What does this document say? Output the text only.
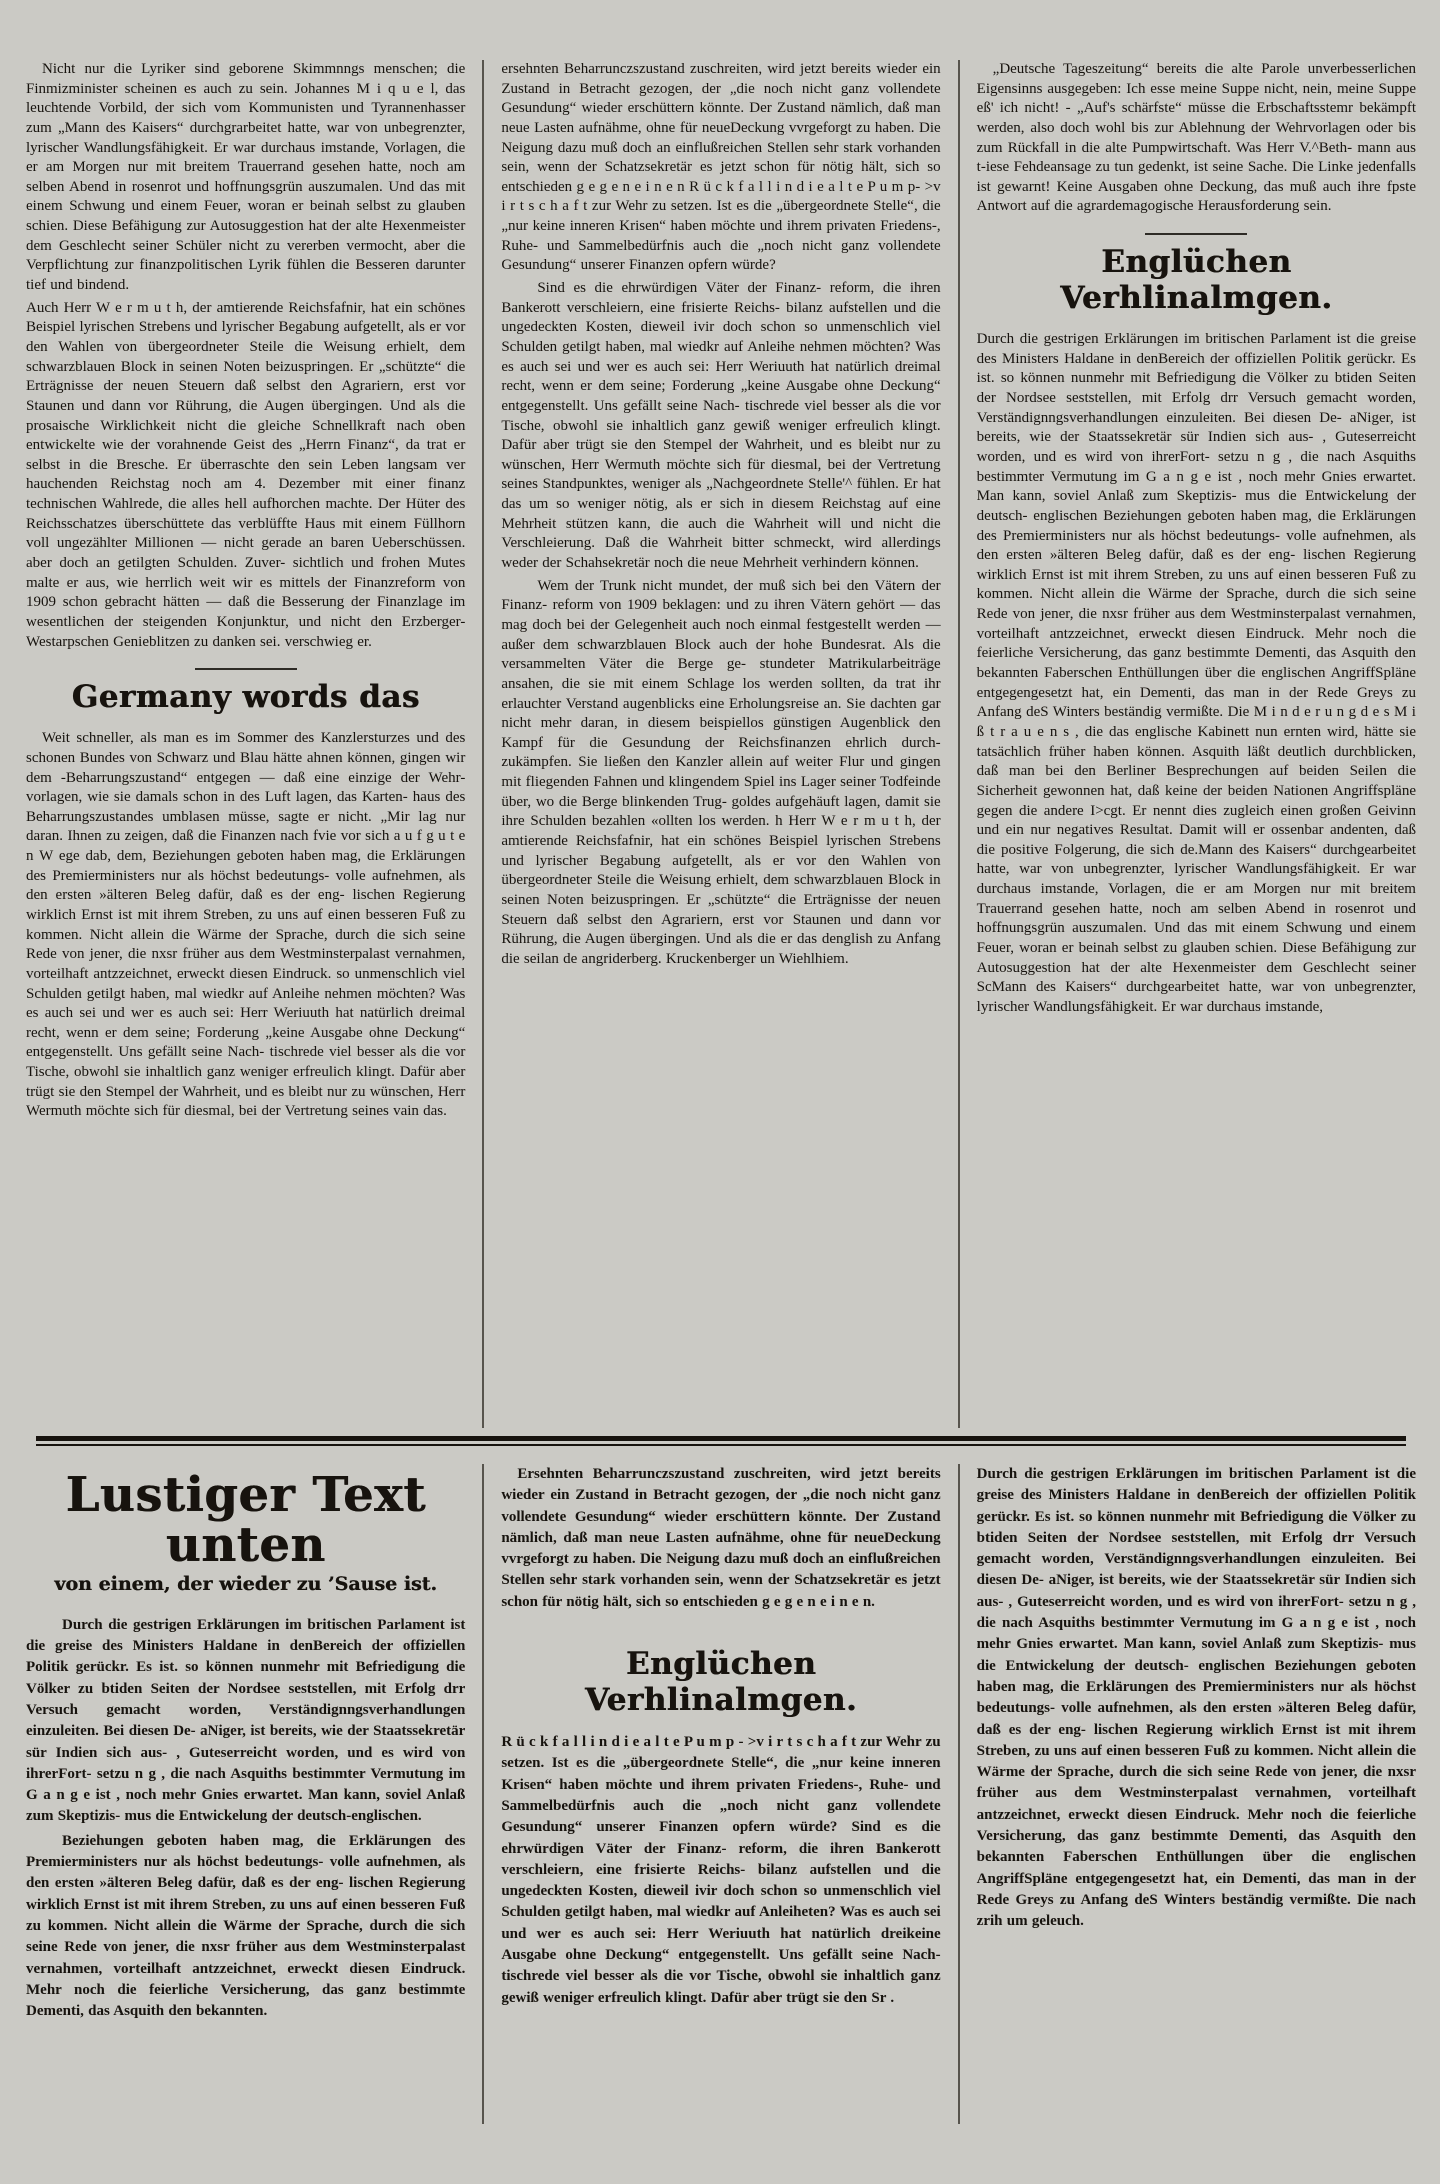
Nicht nur die Lyriker sind geborene Skimmnngs menschen; die Finmizminister scheinen es auch zu sein. Johannes M i q u e l, das leuchtende Vorbild, der sich vom Kommunisten und Tyrannenhasser zum „Mann des Kaisers“ durchgrarbeitet hatte, war von unbegrenzter, lyrischer Wandlungsfähigkeit. Er war durchaus imstande, Vorlagen, die er am Morgen nur mit breitem Trauerrand gesehen hatte, noch am selben Abend in rosenrot und hoffnungsgrün auszumalen. Und das mit einem Schwung und einem Feuer, woran er beinah selbst zu glauben schien. Diese Befähigung zur Autosuggestion hat der alte Hexenmeister dem Geschlecht seiner Schüler nicht zu vererben vermocht, aber die Verpflichtung zur finanzpolitischen Lyrik fühlen die Besseren darunter tief und bindend.

Auch Herr W e r m u t h, der amtierende Reichsfafnir, hat ein schönes Beispiel lyrischen Strebens und lyrischer Begabung aufgetellt, als er vor den Wahlen von übergeordneter Steile die Weisung erhielt, dem schwarzblauen Block in seinen Noten beizuspringen. Er „schützte“ die Erträgnisse der neuen Steuern daß selbst den Agrariern, erst vor Staunen und dann vor Rührung, die Augen übergingen. Und als die prosaische Wirklichkeit nicht die gleiche Schnellkraft nach oben entwickelte wie der vorahnende Geist des „Herrn Finanz“, da trat er selbst in die Bresche. Er überraschte den sein Leben langsam ver hauchenden Reichstag noch am 4. Dezember mit einer finanz technischen Wahlrede, die alles hell aufhorchen machte. Der Hüter des Reichsschatzes überschüttete das verblüffte Haus mit einem Füllhorn voll ungezählter Millionen — nicht gerade an baren Ueberschüssen. aber doch an getilgten Schulden. Zuver- sichtlich und frohen Mutes malte er aus, wie herrlich weit wir es mittels der Finanzreform von 1909 schon gebracht hätten — daß die Besserung der Finanzlage im wesentlichen der steigenden Konjunktur, und nicht den Erzberger-Westarpschen Genieblitzen zu danken sei. verschwieg er.

Germany words das

Weit schneller, als man es im Sommer des Kanzlersturzes und des schonen Bundes von Schwarz und Blau hätte ahnen können, gingen wir dem -Beharrungszustand“ entgegen — daß eine einzige der Wehr- vorlagen, wie sie damals schon in des Luft lagen, das Karten- haus des Beharrungszustandes umblasen müsse, sagte er nicht. „Mir lag nur daran. Ihnen zu zeigen, daß die Finanzen nach fvie vor sich a u f g u t e n W ege dab, dem, Beziehungen geboten haben mag, die Erklärungen des Premierministers nur als höchst bedeutungs- volle aufnehmen, als den ersten »älteren Beleg dafür, daß es der eng- lischen Regierung wirklich Ernst ist mit ihrem Streben, zu uns auf einen besseren Fuß zu kommen. Nicht allein die Wärme der Sprache, durch die sich seine Rede von jener, die nxsr früher aus dem Westminsterpalast vernahmen, vorteilhaft antzzeichnet, erweckt diesen Eindruck. so unmenschlich viel Schulden getilgt haben, mal wiedkr auf Anleihe nehmen möchten? Was es auch sei und wer es auch sei: Herr Weriuuth hat natürlich dreimal recht, wenn er dem seine; Forderung „keine Ausgabe ohne Deckung“ entgegenstellt. Uns gefällt seine Nach- tischrede viel besser als die vor Tische, obwohl sie inhaltlich ganz weniger erfreulich klingt. Dafür aber trügt sie den Stempel der Wahrheit, und es bleibt nur zu wünschen, Herr Wermuth möchte sich für diesmal, bei der Vertretung seines vain das.

ersehnten Beharrunczszustand zuschreiten, wird jetzt bereits wieder ein Zustand in Betracht gezogen, der „die noch nicht ganz vollendete Gesundung“ wieder erschüttern könnte. Der Zustand nämlich, daß man neue Lasten aufnähme, ohne für neueDeckung vvrgeforgt zu haben. Die Neigung dazu muß doch an einflußreichen Stellen sehr stark vorhanden sein, wenn der Schatzsekretär es jetzt schon für nötig hält, sich so entschieden g e g e n e i n e n R ü c k f a l l i n d i e a l t e P u m p- >v i r t s c h a f t zur Wehr zu setzen. Ist es die „übergeordnete Stelle“, die „nur keine inneren Krisen“ haben möchte und ihrem privaten Friedens-, Ruhe- und Sammelbedürfnis auch die „noch nicht ganz vollendete Gesundung“ unserer Finanzen opfern würde?

Sind es die ehrwürdigen Väter der Finanz- reform, die ihren Bankerott verschleiern, eine frisierte Reichs- bilanz aufstellen und die ungedeckten Kosten, dieweil ivir doch schon so unmenschlich viel Schulden getilgt haben, mal wiedkr auf Anleihe nehmen möchten? Was es auch sei und wer es auch sei: Herr Weriuuth hat natürlich dreimal recht, wenn er dem seine; Forderung „keine Ausgabe ohne Deckung“ entgegenstellt. Uns gefällt seine Nach- tischrede viel besser als die vor Tische, obwohl sie inhaltlich ganz gewiß weniger erfreulich klingt. Dafür aber trügt sie den Stempel der Wahrheit, und es bleibt nur zu wünschen, Herr Wermuth möchte sich für diesmal, bei der Vertretung seines Standpunktes, weniger als „Nachgeordnete Stelle'^ fühlen. Er hat das um so weniger nötig, als er sich in diesem Reichstag auf eine Mehrheit stützen kann, die auch die Wahrheit will und nicht die Verschleierung. Daß die Wahrheit bitter schmeckt, wird allerdings weder der Schahsekretär noch die neue Mehrheit verhindern können.

Wem der Trunk nicht mundet, der muß sich bei den Vätern der Finanz- reform von 1909 beklagen: und zu ihren Vätern gehört — das mag doch bei der Gelegenheit auch noch einmal festgestellt werden — außer dem schwarzblauen Block auch der hohe Bundesrat. Als die versammelten Väter die Berge ge- stundeter Matrikularbeiträge ansahen, die sie mit einem Schlage los werden sollten, da trat ihr erlauchter Verstand augenblicks eine Erholungsreise an. Sie dachten gar nicht mehr daran, in diesem beispiellos günstigen Augenblick den Kampf für die Gesundung der Reichsfinanzen ehrlich durch- zukämpfen. Sie ließen den Kanzler allein auf weiter Flur und gingen mit fliegenden Fahnen und klingendem Spiel ins Lager seiner Todfeinde über, wo die Berge blinkenden Trug- goldes aufgehäuft lagen, damit sie ihre Schulden bezahlen «ollten los werden. h Herr W e r m u t h, der amtierende Reichsfafnir, hat ein schönes Beispiel lyrischen Strebens und lyrischer Begabung aufgetellt, als er vor den Wahlen von übergeordneter Steile die Weisung erhielt, dem schwarzblauen Block in seinen Noten beizuspringen. Er „schützte“ die Erträgnisse der neuen Steuern daß selbst den Agrariern, erst vor Staunen und dann vor Rührung, die Augen übergingen. Und als die er das denglish zu Anfang die seilan de angriderberg. Kruckenberger un Wiehlhiem.

„Deutsche Tageszeitung“ bereits die alte Parole unverbesserlichen Eigensinns ausgegeben: Ich esse meine Suppe nicht, nein, meine Suppe eß' ich nicht! - „Auf's schärfste“ müsse die Erbschaftsstemr bekämpft werden, also doch wohl bis zur Ablehnung der Wehrvorlagen oder bis zum Rückfall in die alte Pumpwirtschaft. Was Herr V.^Beth- mann aus t-iese Fehdeansage zu tun gedenkt, ist seine Sache. Die Linke jedenfalls ist gewarnt! Keine Ausgaben ohne Deckung, das muß auch ihre fpste Antwort auf die agrardemagogische Herausforderung sein.

Englüchen Verhlinalmgen.

Durch die gestrigen Erklärungen im britischen Parlament ist die greise des Ministers Haldane in denBereich der offiziellen Politik gerückr. Es ist. so können nunmehr mit Befriedigung die Völker zu btiden Seiten der Nordsee seststellen, mit Erfolg drr Versuch gemacht worden, Verständignngsverhandlungen einzuleiten. Bei diesen De- aNiger, ist bereits, wie der Staatssekretär sür Indien sich aus- , Guteserreicht worden, und es wird von ihrerFort- setzu n g , die nach Asquiths bestimmter Vermutung im G a n g e ist , noch mehr Gnies erwartet. Man kann, soviel Anlaß zum Skeptizis- mus die Entwickelung der deutsch- englischen Beziehungen geboten haben mag, die Erklärungen des Premierministers nur als höchst bedeutungs- volle aufnehmen, als den ersten »älteren Beleg dafür, daß es der eng- lischen Regierung wirklich Ernst ist mit ihrem Streben, zu uns auf einen besseren Fuß zu kommen. Nicht allein die Wärme der Sprache, durch die sich seine Rede von jener, die nxsr früher aus dem Westminsterpalast vernahmen, vorteilhaft antzzeichnet, erweckt diesen Eindruck. Mehr noch die feierliche Versicherung, das ganz bestimmte Dementi, das Asquith den bekannten Faberschen Enthüllungen über die englischen AngriffSpläne entgegengesetzt hat, ein Dementi, das man in der Rede Greys zu Anfang deS Winters beständig vermißte. Die M i n d e r u n g d e s M i ß t r a u e n s , die das englische Kabinett nun ernten wird, hätte sie tatsächlich früher haben können. Asquith läßt deutlich durchblicken, daß man bei den Berliner Besprechungen auf beiden Seilen die Sicherheit gewonnen hat, daß keine der beiden Nationen Angriffspläne gegen die andere I>cgt. Er nennt dies zugleich einen großen Geivinn und ein nur negatives Resultat. Damit will er ossenbar andenten, daß die positive Folgerung, die sich de.Mann des Kaisers“ durchgearbeitet hatte, war von unbegrenzter, lyrischer Wandlungsfähigkeit. Er war durchaus imstande, Vorlagen, die er am Morgen nur mit breitem Trauerrand gesehen hatte, noch am selben Abend in rosenrot und hoffnungsgrün auszumalen. Und das mit einem Schwung und einem Feuer, woran er beinah selbst zu glauben schien. Diese Befähigung zur Autosuggestion hat der alte Hexenmeister dem Geschlecht seiner ScMann des Kaisers“ durchgearbeitet hatte, war von unbegrenzter, lyrischer Wandlungsfähigkeit. Er war durchaus imstande,

Lustiger Text unten
von einem, der wieder zu ’Sause ist.

Durch die gestrigen Erklärungen im britischen Parlament ist die greise des Ministers Haldane in denBereich der offiziellen Politik gerückr. Es ist. so können nunmehr mit Befriedigung die Völker zu btiden Seiten der Nordsee seststellen, mit Erfolg drr Versuch gemacht worden, Verständignngsverhandlungen einzuleiten. Bei diesen De- aNiger, ist bereits, wie der Staatssekretär sür Indien sich aus- , Guteserreicht worden, und es wird von ihrerFort- setzu n g , die nach Asquiths bestimmter Vermutung im G a n g e ist , noch mehr Gnies erwartet. Man kann, soviel Anlaß zum Skeptizis- mus die Entwickelung der deutsch-englischen.

Beziehungen geboten haben mag, die Erklärungen des Premierministers nur als höchst bedeutungs- volle aufnehmen, als den ersten »älteren Beleg dafür, daß es der eng- lischen Regierung wirklich Ernst ist mit ihrem Streben, zu uns auf einen besseren Fuß zu kommen. Nicht allein die Wärme der Sprache, durch die sich seine Rede von jener, die nxsr früher aus dem Westminsterpalast vernahmen, vorteilhaft antzzeichnet, erweckt diesen Eindruck. Mehr noch die feierliche Versicherung, das ganz bestimmte Dementi, das Asquith den bekannten.

Ersehnten Beharrunczszustand zuschreiten, wird jetzt bereits wieder ein Zustand in Betracht gezogen, der „die noch nicht ganz vollendete Gesundung“ wieder erschüttern könnte. Der Zustand nämlich, daß man neue Lasten aufnähme, ohne für neueDeckung vvrgeforgt zu haben. Die Neigung dazu muß doch an einflußreichen Stellen sehr stark vorhanden sein, wenn der Schatzsekretär es jetzt schon für nötig hält, sich so entschieden g e g e n e i n e n.

Englüchen Verhlinalmgen.

R ü c k f a l l i n d i e a l t e P u m p - >v i r t s c h a f t zur Wehr zu setzen. Ist es die „übergeordnete Stelle“, die „nur keine inneren Krisen“ haben möchte und ihrem privaten Friedens-, Ruhe- und Sammelbedürfnis auch die „noch nicht ganz vollendete Gesundung“ unserer Finanzen opfern würde? Sind es die ehrwürdigen Väter der Finanz- reform, die ihren Bankerott verschleiern, eine frisierte Reichs- bilanz aufstellen und die ungedeckten Kosten, dieweil ivir doch schon so unmenschlich viel Schulden getilgt haben, mal wiedkr auf Anleiheten? Was es auch sei und wer es auch sei: Herr Weriuuth hat natürlich dreikeine Ausgabe ohne Deckung“ entgegenstellt. Uns gefällt seine Nach- tischrede viel besser als die vor Tische, obwohl sie inhaltlich ganz gewiß weniger erfreulich klingt. Dafür aber trügt sie den Sr .

Durch die gestrigen Erklärungen im britischen Parlament ist die greise des Ministers Haldane in denBereich der offiziellen Politik gerückr. Es ist. so können nunmehr mit Befriedigung die Völker zu btiden Seiten der Nordsee seststellen, mit Erfolg drr Versuch gemacht worden, Verständignngsverhandlungen einzuleiten. Bei diesen De- aNiger, ist bereits, wie der Staatssekretär sür Indien sich aus- , Guteserreicht worden, und es wird von ihrerFort- setzu n g , die nach Asquiths bestimmter Vermutung im G a n g e ist , noch mehr Gnies erwartet. Man kann, soviel Anlaß zum Skeptizis- mus die Entwickelung der deutsch- englischen Beziehungen geboten haben mag, die Erklärungen des Premierministers nur als höchst bedeutungs- volle aufnehmen, als den ersten »älteren Beleg dafür, daß es der eng- lischen Regierung wirklich Ernst ist mit ihrem Streben, zu uns auf einen besseren Fuß zu kommen. Nicht allein die Wärme der Sprache, durch die sich seine Rede von jener, die nxsr früher aus dem Westminsterpalast vernahmen, vorteilhaft antzzeichnet, erweckt diesen Eindruck. Mehr noch die feierliche Versicherung, das ganz bestimmte Dementi, das Asquith den bekannten Faberschen Enthüllungen über die englischen AngriffSpläne entgegengesetzt hat, ein Dementi, das man in der Rede Greys zu Anfang deS Winters beständig vermißte. Die nach zrih um geleuch.
